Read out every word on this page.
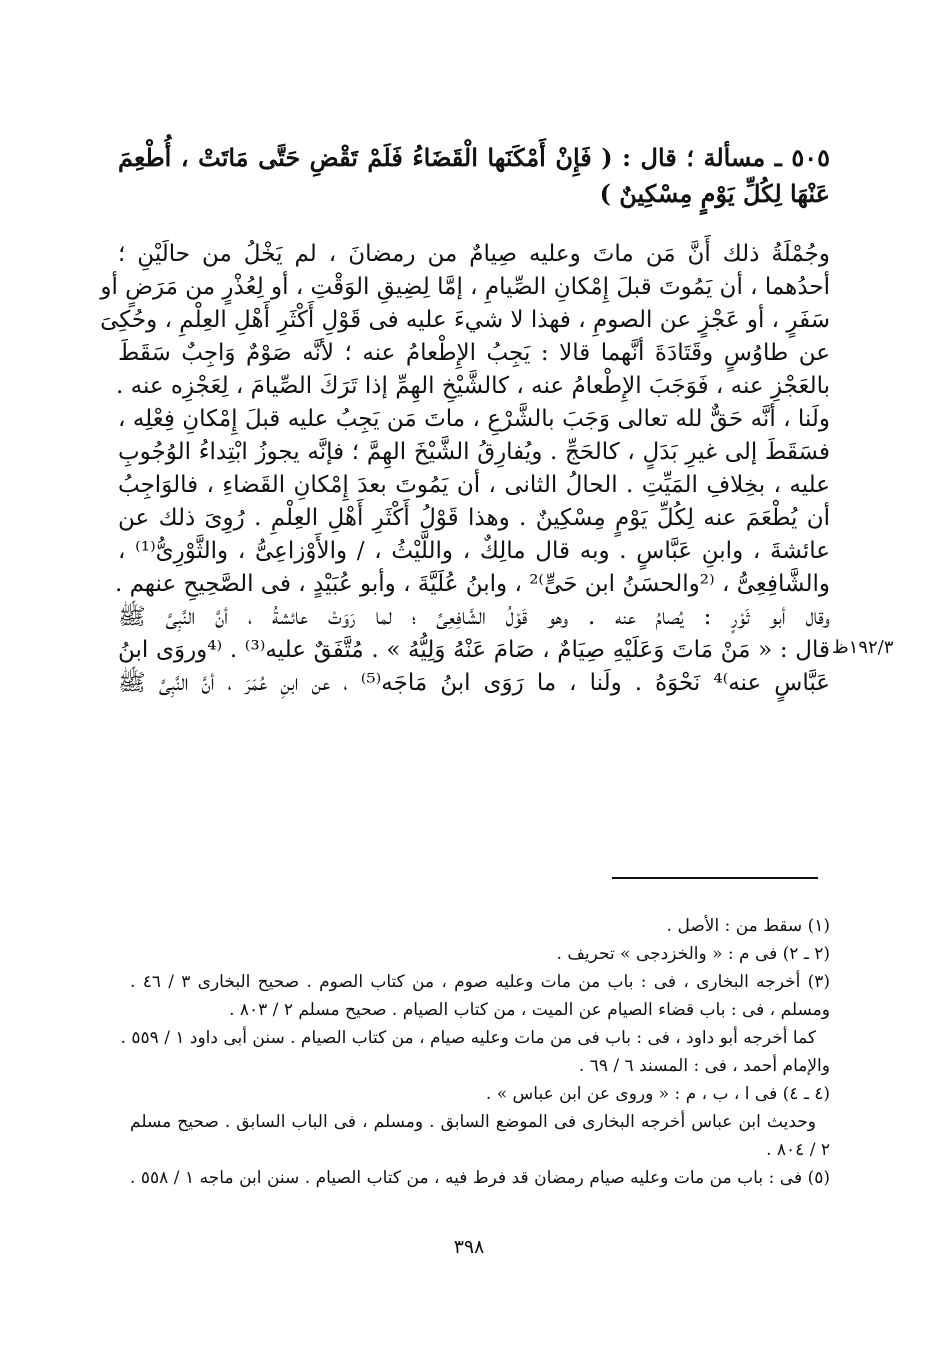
٥٠٥ ـ مسألة ؛ قال : ( فَإِنْ أَمْكَنَها الْقَضَاءُ فَلَمْ تَقْضِ حَتَّى مَاتَتْ ، أُطْعِمَ
عَنْهَا لِكُلِّ يَوْمٍ مِسْكِينٌ )
وجُمْلَةُ ذلك أَنَّ مَن ماتَ وعليه صِيامٌ من رمضانَ ، لم يَخْلُ من حالَيْنِ ؛
أحدُهما ، أن يَمُوتَ قبلَ إِمْكانِ الصِّيامِ ، إمَّا لِضِيقِ الوَقْتِ ، أو لِعُذْرٍ من مَرَضٍ أو
سَفَرٍ ، أو عَجْزٍ عن الصومِ ، فهذا لا شيءَ عليه فى قَوْلِ أَكْثَرِ أَهْلِ العِلْمِ ، وحُكِىَ
عن طاوُسٍ وقَتَادَةَ أنَّهما قالا : يَجِبُ الإِطْعامُ عنه ؛ لأنَّه صَوْمٌ وَاجِبٌ سَقَطَ
بالعَجْزِ عنه ، فَوَجَبَ الإِطْعامُ عنه ، كالشَّيْخِ الهِمِّ إذا تَرَكَ الصِّيامَ ، لِعَجْزِه عنه .
ولَنا ، أنَّه حَقٌّ لله تعالى وَجَبَ بالشَّرْعِ ، ماتَ مَن يَجِبُ عليه قبلَ إِمْكانِ فِعْلِه ،
فسَقَطَ إلى غيرِ بَدَلٍ ، كالحَجِّ . ويُفارِقُ الشَّيْخَ الهِمَّ ؛ فإنَّه يجوزُ ابْتِداءُ الوُجُوبِ
عليه ، بخِلافِ المَيِّتِ . الحالُ الثانى ، أن يَمُوتَ بعدَ إِمْكانِ القَضاءِ ، فالوَاجِبُ
أن يُطْعَمَ عنه لِكُلِّ يَوْمٍ مِسْكِينٌ . وهذا قَوْلُ أَكْثَرِ أَهْلِ العِلْمِ . رُوِىَ ذلك عن
عائشةَ ، وابنِ عَبَّاسٍ . وبه قال مالِكٌ ، واللَّيْثُ ، / والأَوْزاعِىُّ ، والثَّوْرِىُّ⁽¹⁾ ،
والشَّافِعِىُّ ، ⁽²والحسَنُ ابن حَىٍّ⁾² ، وابنُ عُلَيَّةَ ، وأبو عُبَيْدٍ ، فى الصَّحِيحِ عنهم .
وقال أبو ثَوْرٍ : يُصامُ عنه . وهو قَوْلُ الشَّافِعِىِّ ؛ لما رَوَتْ عائشةُ ، أنَّ النَّبِىَّ ﷺ
قال : « مَنْ مَاتَ وَعَلَيْهِ صِيَامٌ ، صَامَ عَنْهُ وَلِيُّهُ » . مُتَّفَقٌ عليه⁽³⁾ . ⁽⁴وروَى ابنُ
عَبَّاسٍ عنه⁾⁴ نَحْوَهُ . ولَنا ، ما رَوَى ابنُ مَاجَه⁽⁵⁾ ، عن ابنِ عُمَرَ ، أنَّ النَّبِىَّ ﷺ
١٩٢/٣ظ
(١) سقط من : الأصل .
(٢ ـ ٢) فى م : « والخزدجى » تحريف .
(٣) أخرجه البخارى ، فى : باب من مات وعليه صوم ، من كتاب الصوم . صحيح البخارى ٣ / ٤٦ .
ومسلم ، فى : باب قضاء الصيام عن الميت ، من كتاب الصيام . صحيح مسلم ٢ / ٨٠٣ .
كما أخرجه أبو داود ، فى : باب فى من مات وعليه صيام ، من كتاب الصيام . سنن أبى داود ١ / ٥٥٩ .
والإمام أحمد ، فى : المسند ٦ / ٦٩ .
(٤ ـ ٤) فى ا ، ب ، م : « وروى عن ابن عباس » .
وحديث ابن عباس أخرجه البخارى فى الموضع السابق . ومسلم ، فى الباب السابق . صحيح مسلم
٢ / ٨٠٤ .
(٥) فى : باب من مات وعليه صيام رمضان قد فرط فيه ، من كتاب الصيام . سنن ابن ماجه ١ / ٥٥٨ .
٣٩٨
